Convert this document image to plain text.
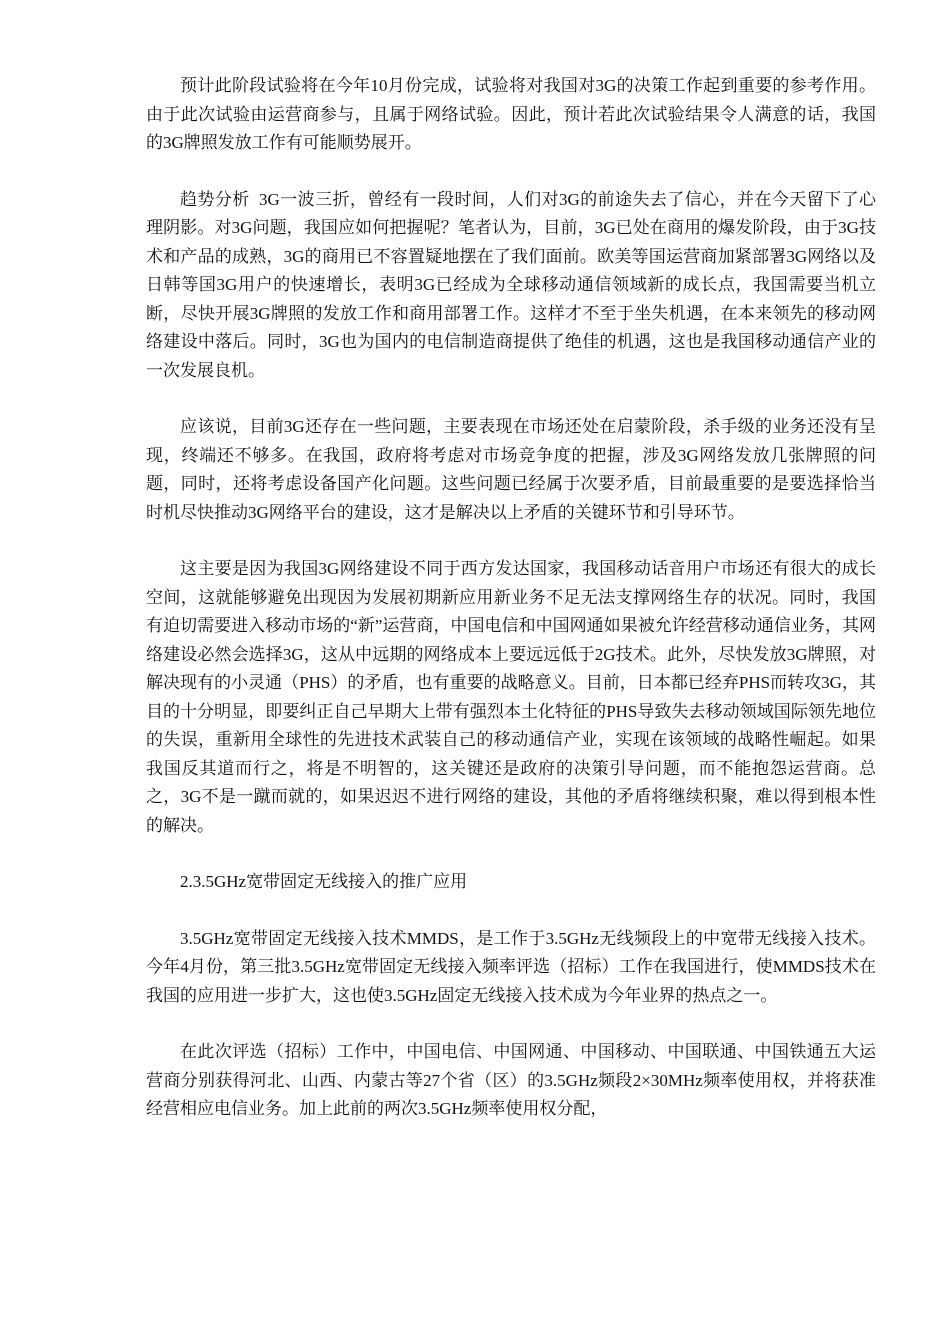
预计此阶段试验将在今年10月份完成，试验将对我国对3G的决策工作起到重要的参考作用。由于此次试验由运营商参与，且属于网络试验。因此，预计若此次试验结果令人满意的话，我国的3G牌照发放工作有可能顺势展开。

趋势分析  3G一波三折，曾经有一段时间，人们对3G的前途失去了信心，并在今天留下了心理阴影。对3G问题，我国应如何把握呢？笔者认为，目前，3G已处在商用的爆发阶段，由于3G技术和产品的成熟，3G的商用已不容置疑地摆在了我们面前。欧美等国运营商加紧部署3G网络以及日韩等国3G用户的快速增长，表明3G已经成为全球移动通信领域新的成长点，我国需要当机立断，尽快开展3G牌照的发放工作和商用部署工作。这样才不至于坐失机遇，在本来领先的移动网络建设中落后。同时，3G也为国内的电信制造商提供了绝佳的机遇，这也是我国移动通信产业的一次发展良机。

应该说，目前3G还存在一些问题，主要表现在市场还处在启蒙阶段，杀手级的业务还没有呈现，终端还不够多。在我国，政府将考虑对市场竞争度的把握，涉及3G网络发放几张牌照的问题，同时，还将考虑设备国产化问题。这些问题已经属于次要矛盾，目前最重要的是要选择恰当时机尽快推动3G网络平台的建设，这才是解决以上矛盾的关键环节和引导环节。

这主要是因为我国3G网络建设不同于西方发达国家，我国移动话音用户市场还有很大的成长空间，这就能够避免出现因为发展初期新应用新业务不足无法支撑网络生存的状况。同时，我国有迫切需要进入移动市场的“新”运营商，中国电信和中国网通如果被允许经营移动通信业务，其网络建设必然会选择3G，这从中远期的网络成本上要远远低于2G技术。此外，尽快发放3G牌照，对解决现有的小灵通（PHS）的矛盾，也有重要的战略意义。目前，日本都已经弃PHS而转攻3G，其目的十分明显，即要纠正自己早期大上带有强烈本土化特征的PHS导致失去移动领域国际领先地位的失误，重新用全球性的先进技术武装自己的移动通信产业，实现在该领域的战略性崛起。如果我国反其道而行之，将是不明智的，这关键还是政府的决策引导问题，而不能抱怨运营商。总之，3G不是一蹴而就的，如果迟迟不进行网络的建设，其他的矛盾将继续积聚，难以得到根本性的解决。

2.3.5GHz宽带固定无线接入的推广应用

3.5GHz宽带固定无线接入技术MMDS，是工作于3.5GHz无线频段上的中宽带无线接入技术。今年4月份，第三批3.5GHz宽带固定无线接入频率评选（招标）工作在我国进行，使MMDS技术在我国的应用进一步扩大，这也使3.5GHz固定无线接入技术成为今年业界的热点之一。

在此次评选（招标）工作中，中国电信、中国网通、中国移动、中国联通、中国铁通五大运营商分别获得河北、山西、内蒙古等27个省（区）的3.5GHz频段2×30MHz频率使用权，并将获准经营相应电信业务。加上此前的两次3.5GHz频率使用权分配，
